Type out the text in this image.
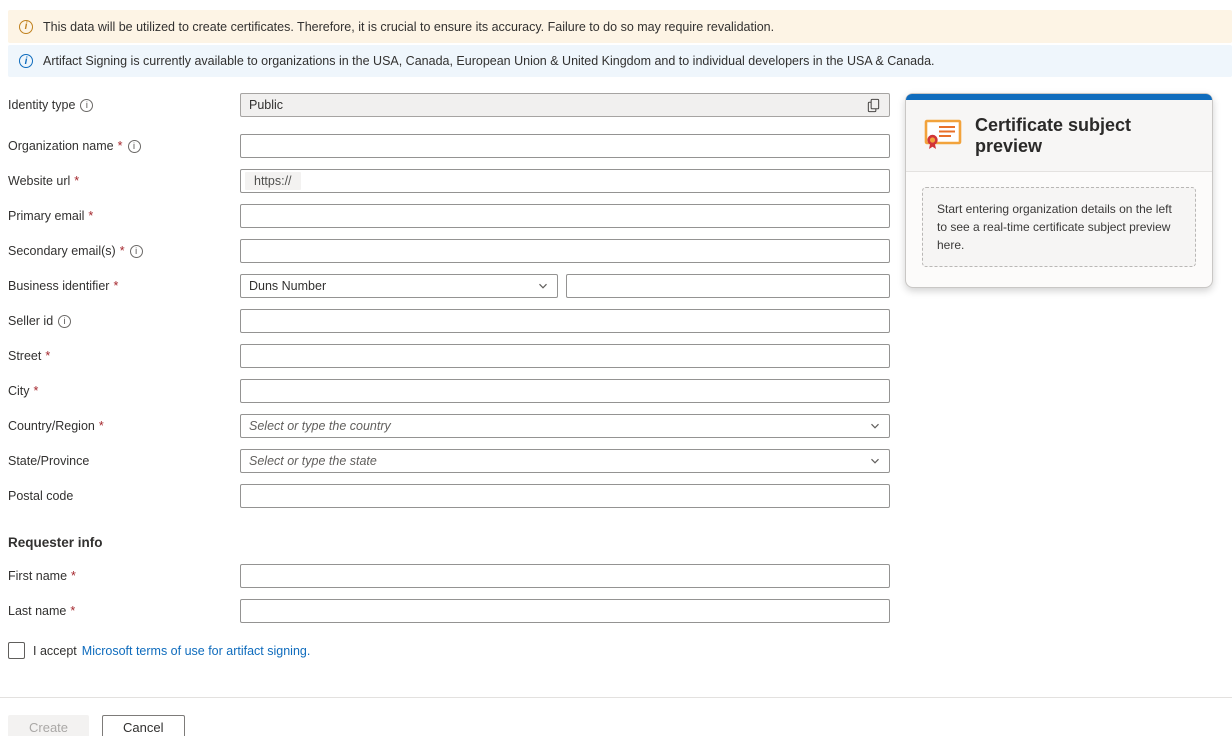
i	This data will be utilized to create certificates. Therefore, it is crucial to ensure its accuracy. Failure to do so may require revalidation.
i	Artifact Signing is currently available to organizations in the USA, Canada, European Union & United Kingdom and to individual developers in the USA & Canada.
Identity type	i	Public
Organization name *	i
Website url *	https://
Primary email *
Secondary email(s) *	i
Business identifier *	Duns Number
Seller id	i
Street *
City *
Country/Region *	Select or type the country
State/Province	Select or type the state
Postal code
Requester info
First name *
Last name *
I accept Microsoft terms of use for artifact signing.
Create	Cancel
Certificate subject preview
Start entering organization details on the left to see a real-time certificate subject preview here.
